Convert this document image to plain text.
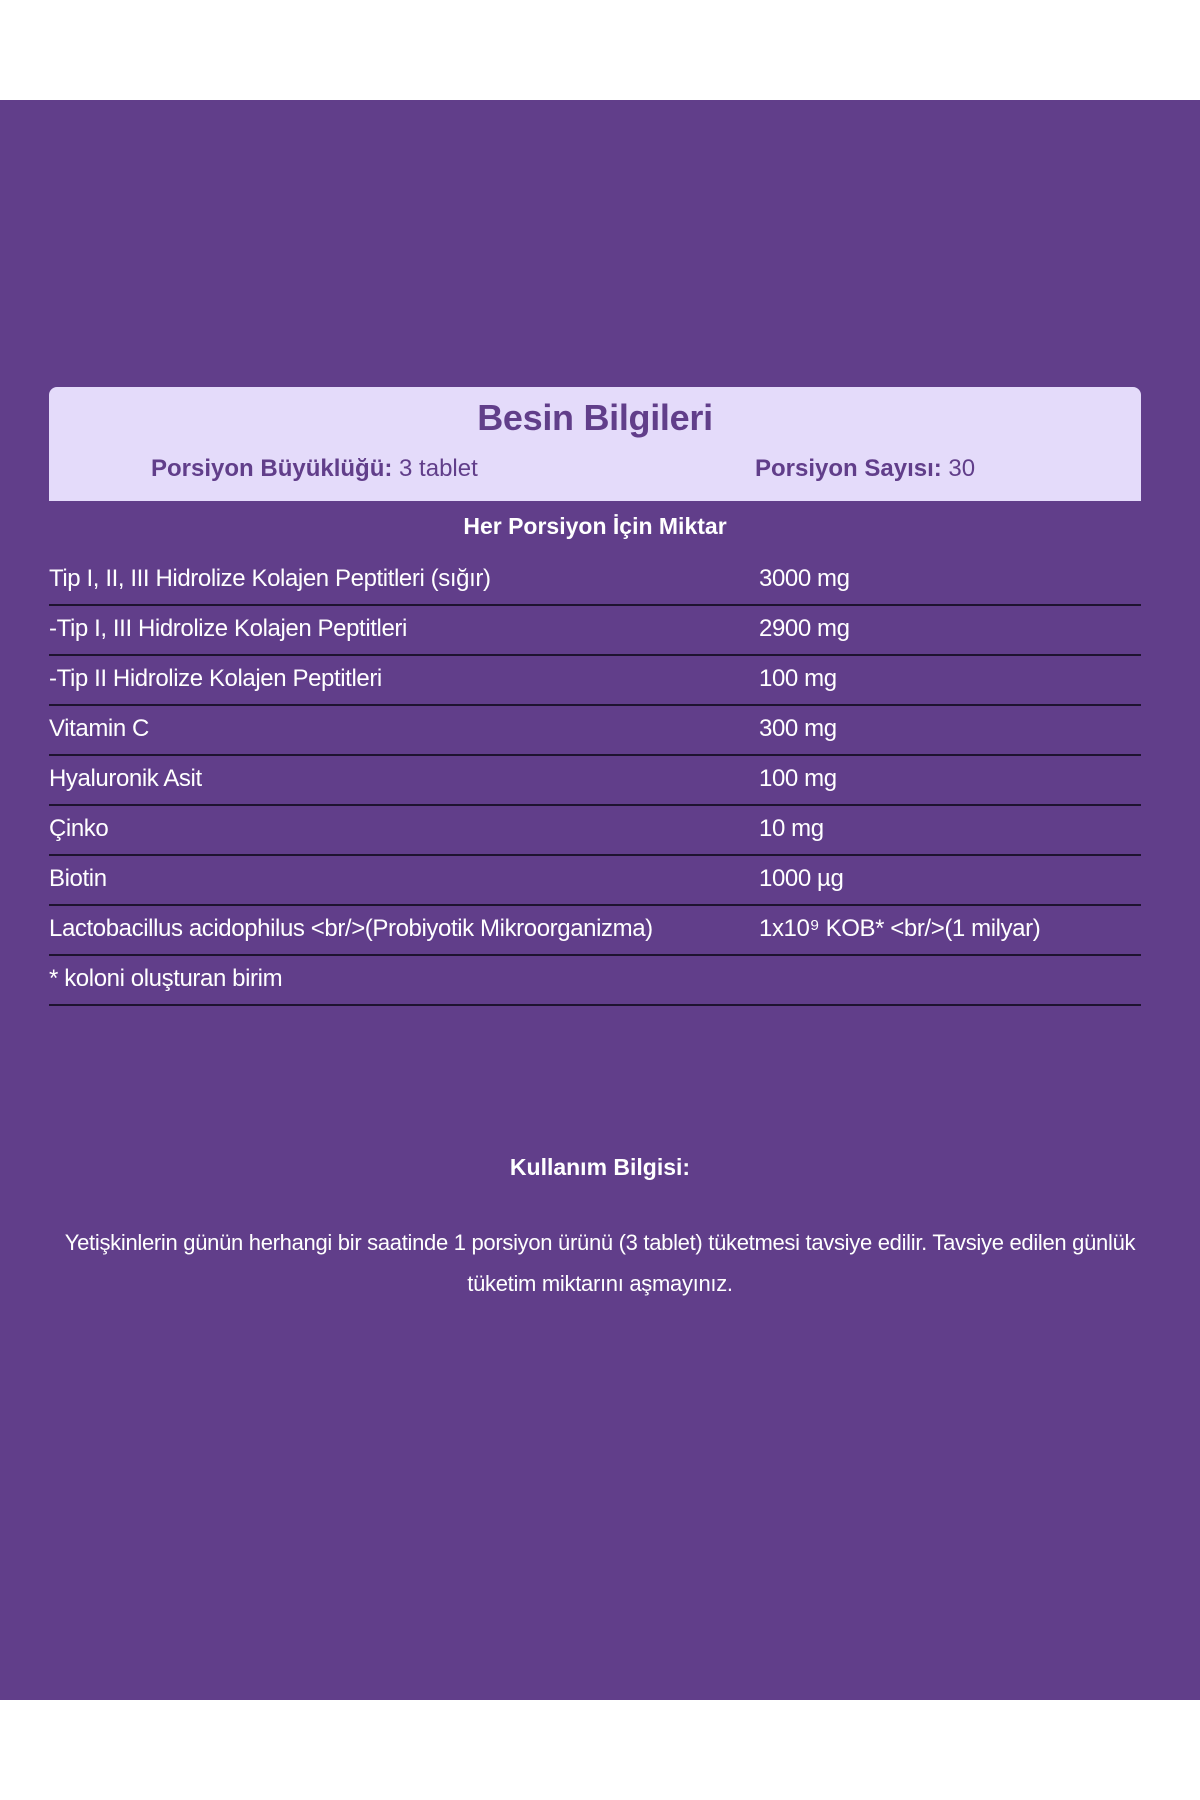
Besin Bilgileri
Porsiyon Büyüklüğü: 3 tablet	Porsiyon Sayısı: 30
Her Porsiyon İçin Miktar
Tip I, II, III Hidrolize Kolajen Peptitleri (sığır)	3000 mg
-Tip I, III Hidrolize Kolajen Peptitleri	2900 mg
-Tip II Hidrolize Kolajen Peptitleri	100 mg
Vitamin C	300 mg
Hyaluronik Asit	100 mg
Çinko	10 mg
Biotin	1000 µg
Lactobacillus acidophilus <br/>(Probiyotik Mikroorganizma)	1x10⁹ KOB* <br/>(1 milyar)
* koloni oluşturan birim
Kullanım Bilgisi:
Yetişkinlerin günün herhangi bir saatinde 1 porsiyon ürünü (3 tablet) tüketmesi tavsiye edilir. Tavsiye edilen günlük tüketim miktarını aşmayınız.
